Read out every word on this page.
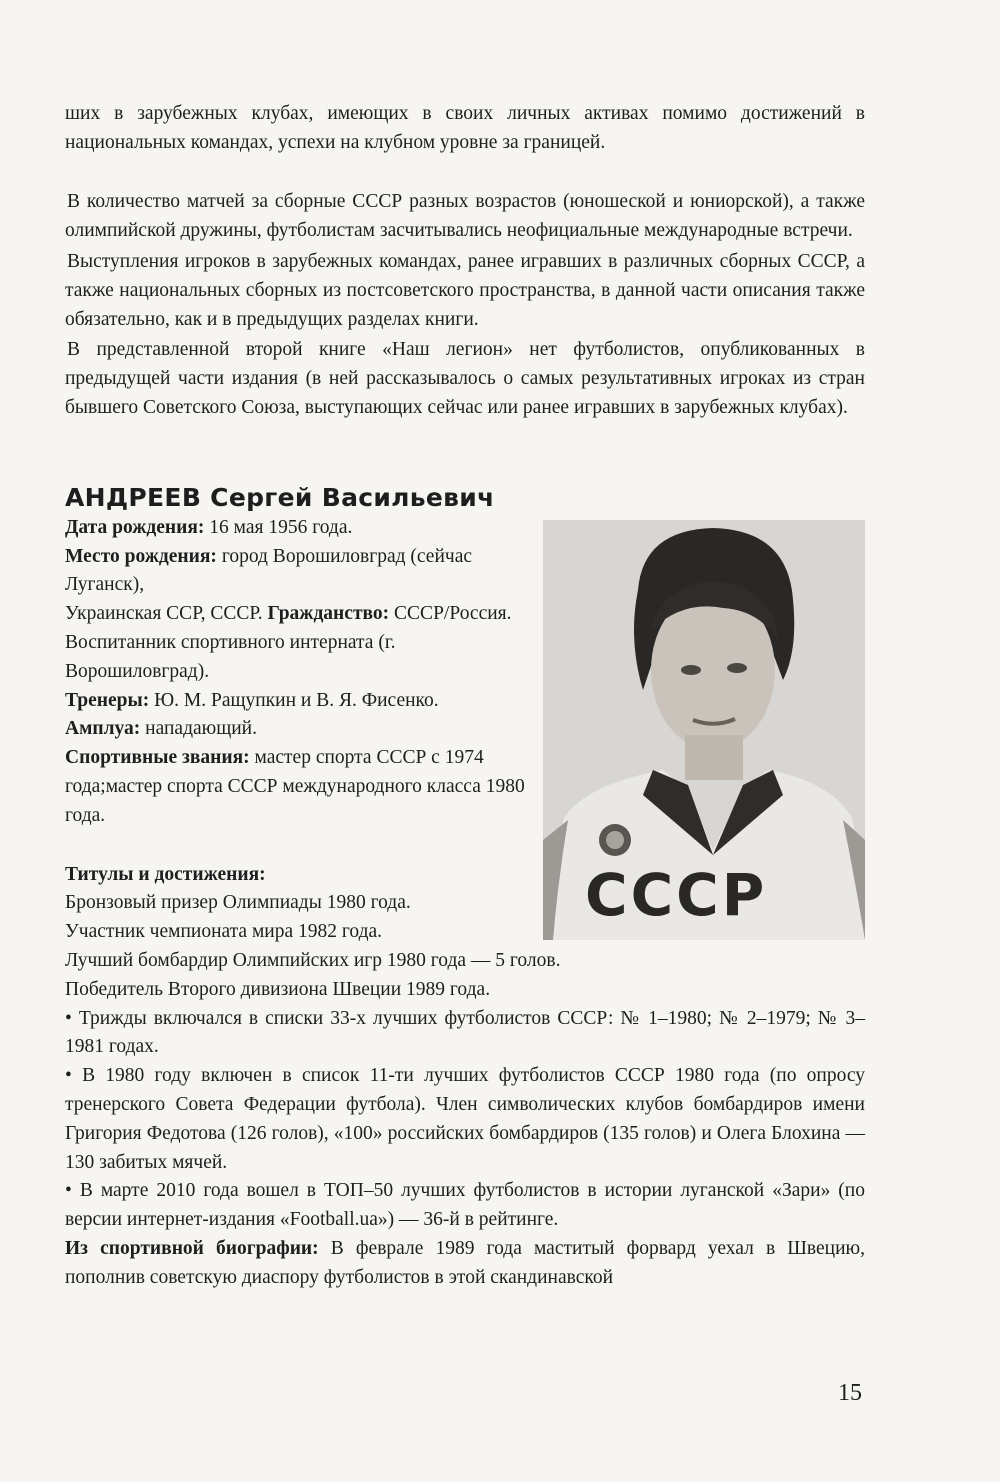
ших в зарубежных клубах, имеющих в своих личных активах помимо достижений в национальных командах, успехи на клубном уровне за границей.

В количество матчей за сборные СССР разных возрастов (юношеской и юниорской), а также олимпийской дружины, футболистам засчитывались неофициальные международные встречи.

Выступления игроков в зарубежных командах, ранее игравших в различных сборных СССР, а также национальных сборных из постсоветского пространства, в данной части описания также обязательно, как и в предыдущих разделах книги.

В представленной второй книге «Наш легион» нет футболистов, опубликованных в предыдущей части издания (в ней рассказывалось о самых результативных игроках из стран бывшего Советского Союза, выступающих сейчас или ранее игравших в зарубежных клубах).

АНДРЕЕВ Сергей Васильевич

Дата рождения: 16 мая 1956 года.

Место рождения: город Ворошиловград (сейчас Луганск),

Украинская ССР, СССР. Гражданство: СССР/Россия.

Воспитанник спортивного интерната (г. Ворошиловград).

Тренеры: Ю. М. Ращупкин и В. Я. Фисенко.

Амплуа: нападающий.

Спортивные звания: мастер спорта СССР с 1974 года;мастер спорта СССР международного класса 1980 года.

Титулы и достижения:

Бронзовый призер Олимпиады 1980 года.

Участник чемпионата мира 1982 года.

Лучший бомбардир Олимпийских игр 1980 года — 5 голов.

Победитель Второго дивизиона Швеции 1989 года.

• Трижды включался в списки 33-х лучших футболистов СССР: № 1–1980; № 2–1979; № 3–1981 годах.

• В 1980 году включен в список 11-ти лучших футболистов СССР 1980 года (по опросу тренерского Совета Федерации футбола). Член символических клубов бомбардиров имени Григория Федотова (126 голов), «100» российских бомбардиров (135 голов) и Олега Блохина — 130 забитых мячей.

• В марте 2010 года вошел в ТОП–50 лучших футболистов в истории луганской «Зари» (по версии интернет-издания «Football.ua») — 36-й в рейтинге.

Из спортивной биографии: В феврале 1989 года маститый форвард уехал в Швецию, пополнив советскую диаспору футболистов в этой скандинавской

СССР
15
